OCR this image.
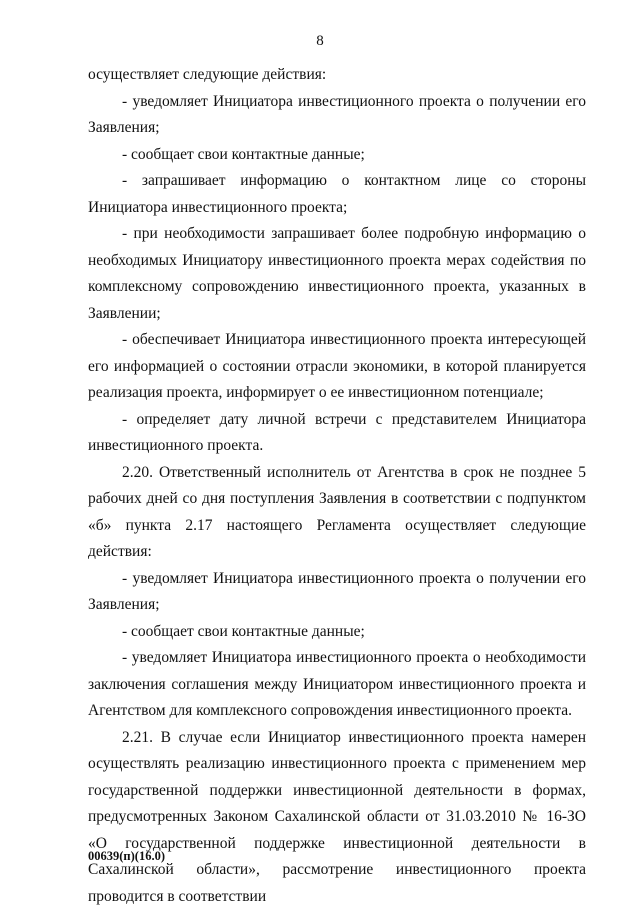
8

осуществляет следующие действия:

- уведомляет Инициатора инвестиционного проекта о получении его Заявления;

- сообщает свои контактные данные;

- запрашивает информацию о контактном лице со стороны Инициатора инвестиционного проекта;

- при необходимости запрашивает более подробную информацию о необходимых Инициатору инвестиционного проекта мерах содействия по комплексному сопровождению инвестиционного проекта, указанных в Заявлении;

- обеспечивает Инициатора инвестиционного проекта интересующей его информацией о состоянии отрасли экономики, в которой планируется реализация проекта, информирует о ее инвестиционном потенциале;

- определяет дату личной встречи с представителем Инициатора инвестиционного проекта.

2.20. Ответственный исполнитель от Агентства в срок не позднее 5 рабочих дней со дня поступления Заявления в соответствии с подпунктом «б» пункта 2.17 настоящего Регламента осуществляет следующие действия:

- уведомляет Инициатора инвестиционного проекта о получении его Заявления;

- сообщает свои контактные данные;

- уведомляет Инициатора инвестиционного проекта о необходимости заключения соглашения между Инициатором инвестиционного проекта и Агентством для комплексного сопровождения инвестиционного проекта.

2.21. В случае если Инициатор инвестиционного проекта намерен осуществлять реализацию инвестиционного проекта с применением мер государственной поддержки инвестиционной деятельности в формах, предусмотренных Законом Сахалинской области от 31.03.2010 № 16-ЗО «О государственной поддержке инвестиционной деятельности в Сахалинской области», рассмотрение инвестиционного проекта проводится в соответствии

00639(п)(16.0)
